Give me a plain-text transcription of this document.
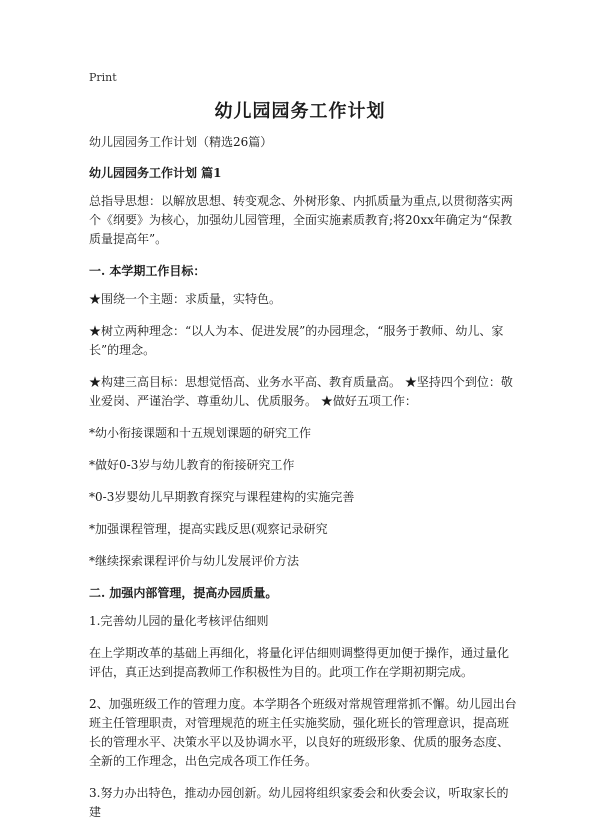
Print
幼儿园园务工作计划

幼儿园园务工作计划（精选26篇）

幼儿园园务工作计划 篇1

总指导思想：以解放思想、转变观念、外树形象、内抓质量为重点,以贯彻落实两个《纲要》为核心，加强幼儿园管理，全面实施素质教育;将20xx年确定为“保教质量提高年”。

一. 本学期工作目标：

★围绕一个主题：求质量，实特色。

★树立两种理念：“以人为本、促进发展”的办园理念，“服务于教师、幼儿、家长”的理念。

★构建三高目标：思想觉悟高、业务水平高、教育质量高。 ★坚持四个到位：敬业爱岗、严谨治学、尊重幼儿、优质服务。 ★做好五项工作：

*幼小衔接课题和十五规划课题的研究工作

*做好0-3岁与幼儿教育的衔接研究工作

*0-3岁婴幼儿早期教育探究与课程建构的实施完善

*加强课程管理，提高实践反思(观察记录研究

*继续探索课程评价与幼儿发展评价方法

二. 加强内部管理，提高办园质量。

1.完善幼儿园的量化考核评估细则

在上学期改革的基础上再细化，将量化评估细则调整得更加便于操作，通过量化评估，真正达到提高教师工作积极性为目的。此项工作在学期初期完成。

2、加强班级工作的管理力度。本学期各个班级对常规管理常抓不懈。幼儿园出台班主任管理职责，对管理规范的班主任实施奖励，强化班长的管理意识，提高班长的管理水平、决策水平以及协调水平，以良好的班级形象、优质的服务态度、全新的工作理念，出色完成各项工作任务。

3.努力办出特色，推动办园创新。幼儿园将组织家委会和伙委会议，听取家长的建
